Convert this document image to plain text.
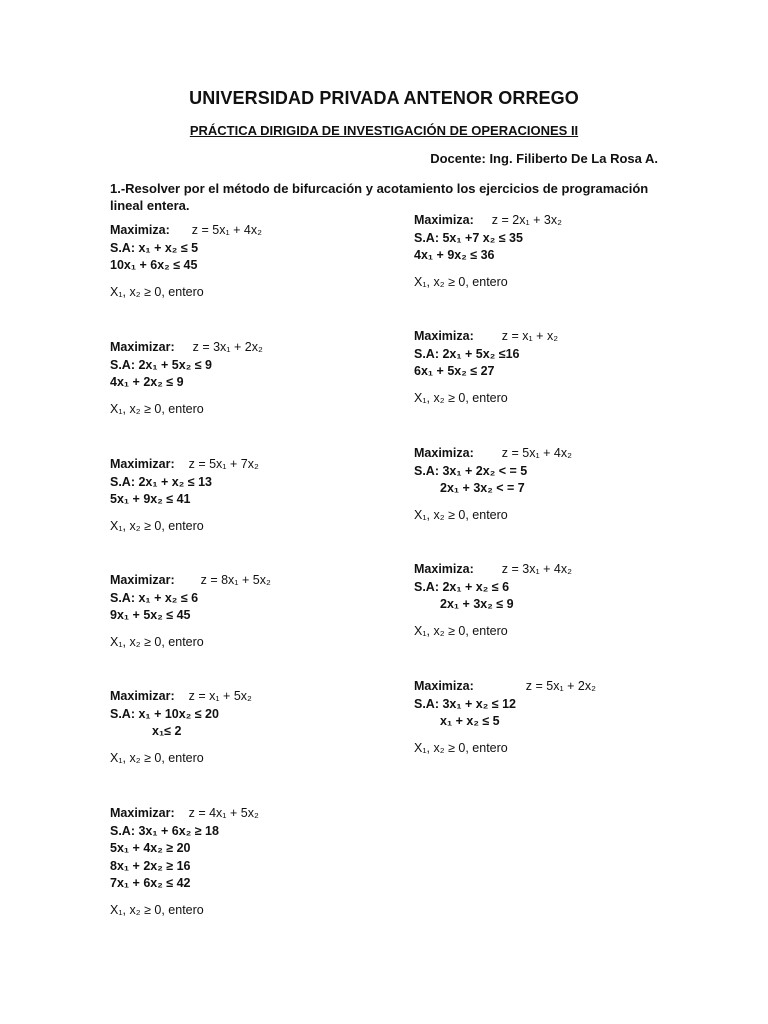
UNIVERSIDAD PRIVADA ANTENOR ORREGO
PRÁCTICA DIRIGIDA DE INVESTIGACIÓN DE OPERACIONES II
Docente: Ing. Filiberto De La Rosa A.
1.-Resolver por el método de bifurcación y acotamiento los ejercicios de programación lineal entera.
Maximiza: z = 5x₁ + 4x₂
S.A: x₁ + x₂ ≤ 5
10x₁ + 6x₂ ≤ 45
X₁, x₂ ≥ 0, entero
Maximizar: z = 3x₁ + 2x₂
S.A: 2x₁ + 5x₂ ≤ 9
4x₁ + 2x₂ ≤ 9
X₁, x₂ ≥ 0, entero
Maximizar: z = 5x₁ + 7x₂
S.A: 2x₁ + x₂ ≤ 13
5x₁ + 9x₂ ≤ 41
X₁, x₂ ≥ 0, entero
Maximizar: z = 8x₁ + 5x₂
S.A: x₁ + x₂ ≤ 6
9x₁ + 5x₂ ≤ 45
X₁, x₂ ≥ 0, entero
Maximizar: z = x₁ + 5x₂
S.A: x₁ + 10x₂ ≤ 20
x₁≤ 2
X₁, x₂ ≥ 0, entero
Maximizar: z = 4x₁ + 5x₂
S.A: 3x₁ + 6x₂ ≥ 18
5x₁ + 4x₂ ≥ 20
8x₁ + 2x₂ ≥ 16
7x₁ + 6x₂ ≤ 42
X₁, x₂ ≥ 0, entero
Maximiza: z = 2x₁ + 3x₂
S.A: 5x₁ +7 x₂ ≤ 35
4x₁ + 9x₂ ≤ 36
X₁, x₂ ≥ 0, entero
Maximiza: z = x₁ + x₂
S.A: 2x₁ + 5x₂ ≤16
6x₁ + 5x₂ ≤ 27
X₁, x₂ ≥ 0, entero
Maximiza: z = 5x₁ + 4x₂
S.A: 3x₁ + 2x₂ < = 5
2x₁ + 3x₂ < = 7
X₁, x₂ ≥ 0, entero
Maximiza: z = 3x₁ + 4x₂
S.A: 2x₁ + x₂ ≤ 6
2x₁ + 3x₂ ≤ 9
X₁, x₂ ≥ 0, entero
Maximiza:	z = 5x₁ + 2x₂
S.A: 3x₁ + x₂ ≤ 12
x₁ + x₂ ≤ 5
X₁, x₂ ≥ 0, entero
